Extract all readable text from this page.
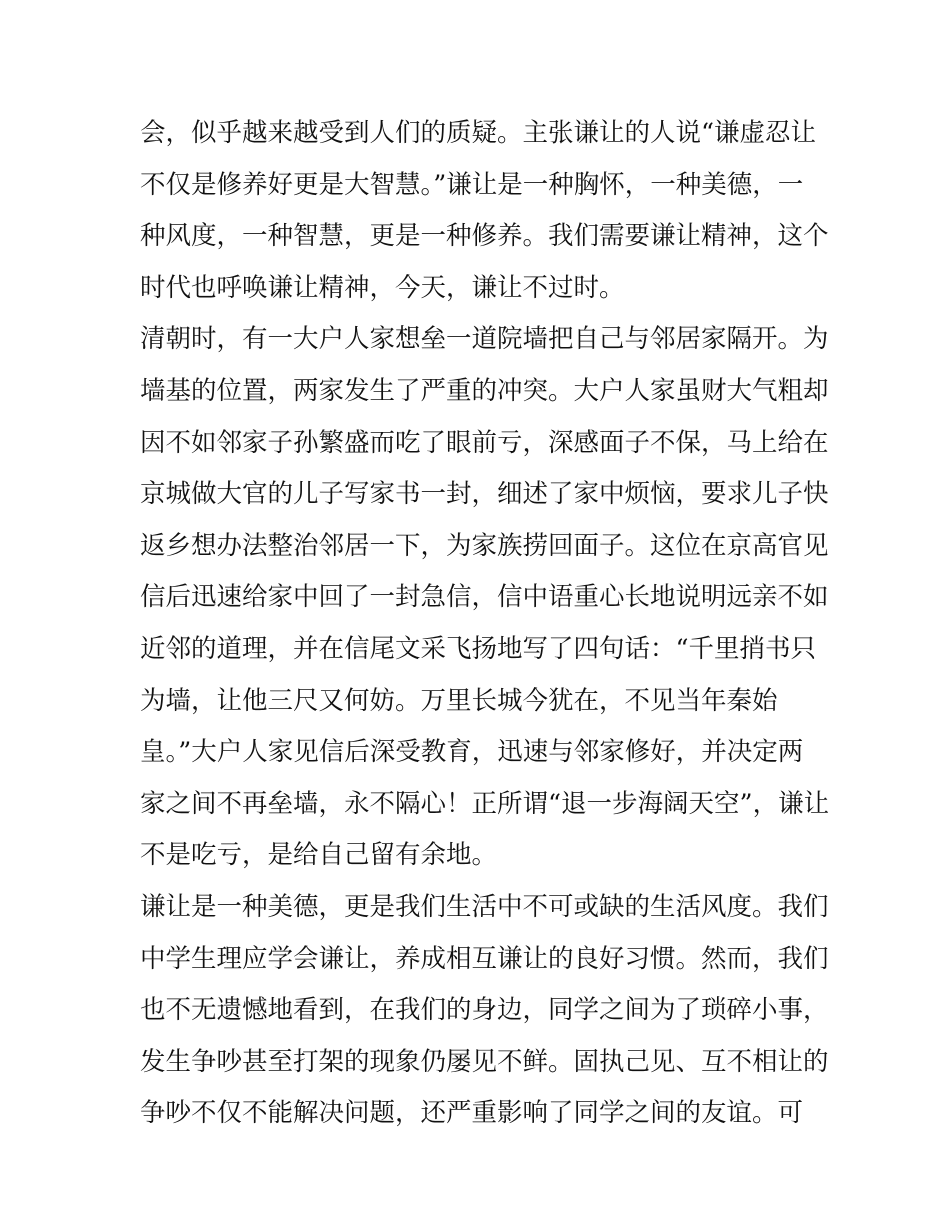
会，似乎越来越受到人们的质疑。主张谦让的人说“谦虚忍让
不仅是修养好更是大智慧。”谦让是一种胸怀，一种美德，一
种风度，一种智慧，更是一种修养。我们需要谦让精神，这个
时代也呼唤谦让精神，今天，谦让不过时。
清朝时，有一大户人家想垒一道院墙把自己与邻居家隔开。为
墙基的位置，两家发生了严重的冲突。大户人家虽财大气粗却
因不如邻家子孙繁盛而吃了眼前亏，深感面子不保，马上给在
京城做大官的儿子写家书一封，细述了家中烦恼，要求儿子快
返乡想办法整治邻居一下，为家族捞回面子。这位在京高官见
信后迅速给家中回了一封急信，信中语重心长地说明远亲不如
近邻的道理，并在信尾文采飞扬地写了四句话：“千里捎书只
为墙，让他三尺又何妨。万里长城今犹在，不见当年秦始
皇。”大户人家见信后深受教育，迅速与邻家修好，并决定两
家之间不再垒墙，永不隔心！正所谓“退一步海阔天空”，谦让
不是吃亏，是给自己留有余地。
谦让是一种美德，更是我们生活中不可或缺的生活风度。我们
中学生理应学会谦让，养成相互谦让的良好习惯。然而，我们
也不无遗憾地看到，在我们的身边，同学之间为了琐碎小事，
发生争吵甚至打架的现象仍屡见不鲜。固执己见、互不相让的
争吵不仅不能解决问题，还严重影响了同学之间的友谊。可
